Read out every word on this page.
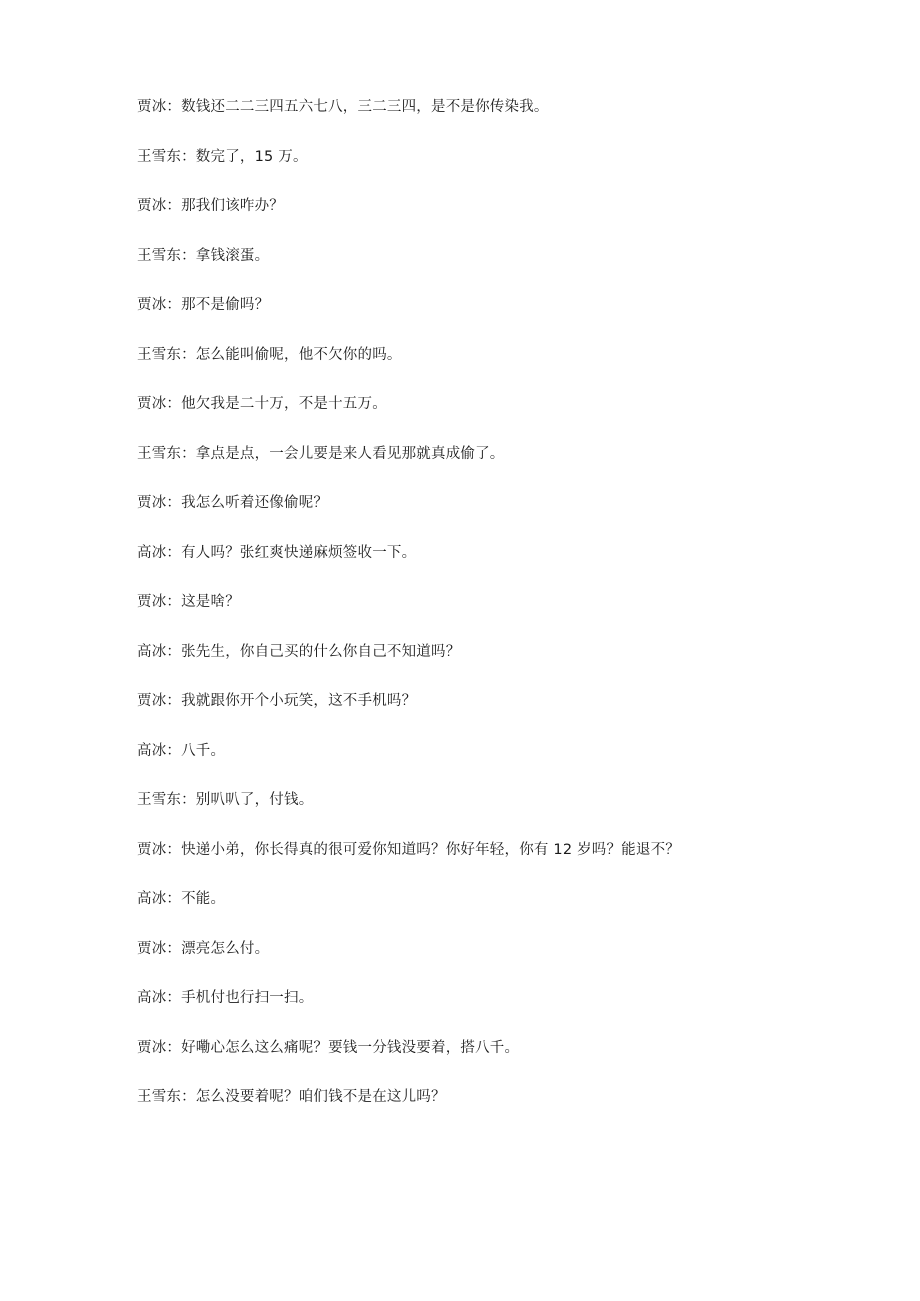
贾冰：数钱还二二三四五六七八，三二三四，是不是你传染我。
王雪东：数完了，15 万。
贾冰：那我们该咋办？
王雪东：拿钱滚蛋。
贾冰：那不是偷吗？
王雪东：怎么能叫偷呢，他不欠你的吗。
贾冰：他欠我是二十万，不是十五万。
王雪东：拿点是点，一会儿要是来人看见那就真成偷了。
贾冰：我怎么听着还像偷呢？
高冰：有人吗？张红爽快递麻烦签收一下。
贾冰：这是啥？
高冰：张先生，你自己买的什么你自己不知道吗？
贾冰：我就跟你开个小玩笑，这不手机吗？
高冰：八千。
王雪东：别叭叭了，付钱。
贾冰：快递小弟，你长得真的很可爱你知道吗？你好年轻，你有 12 岁吗？能退不？
高冰：不能。
贾冰：漂亮怎么付。
高冰：手机付也行扫一扫。
贾冰：好嘞心怎么这么痛呢？要钱一分钱没要着，搭八千。
王雪东：怎么没要着呢？咱们钱不是在这儿吗？
